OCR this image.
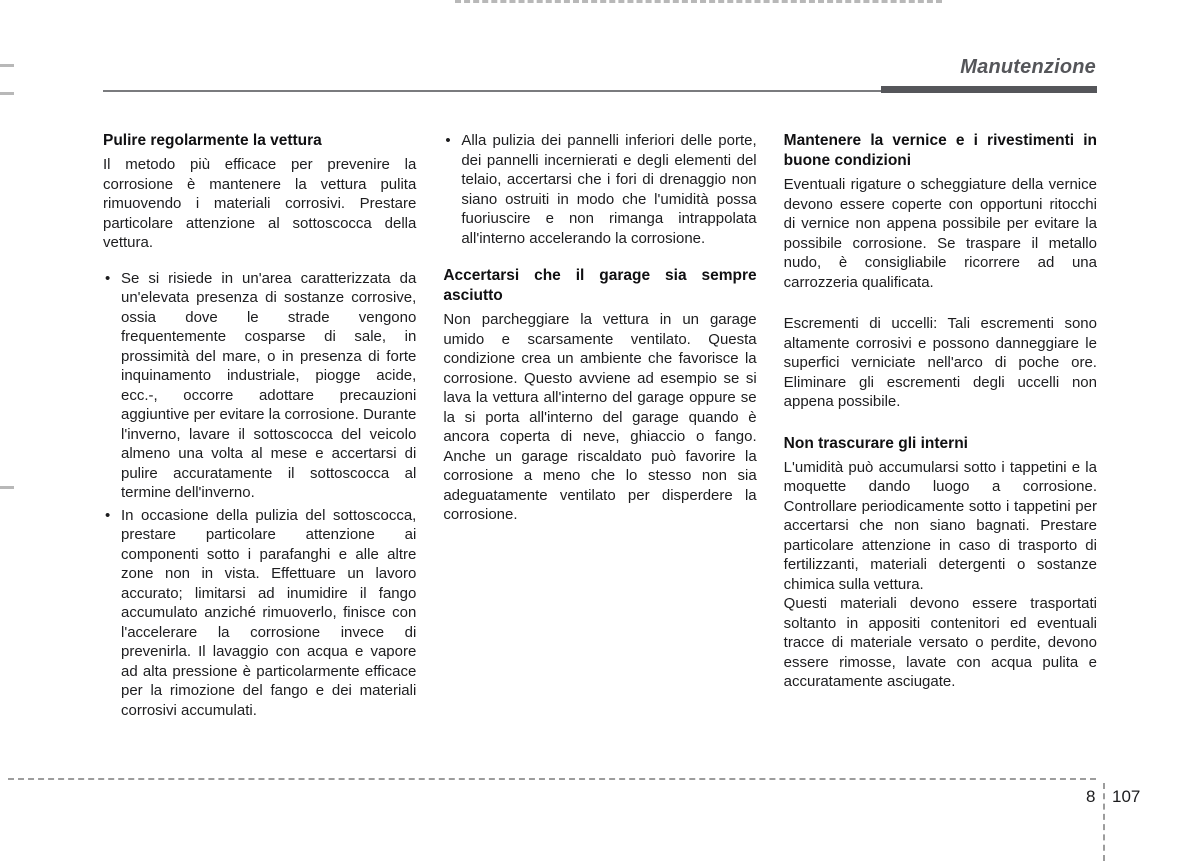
Manutenzione
Pulire regolarmente la vettura

Il metodo più efficace per prevenire la corrosione è mantenere la vettura pulita rimuovendo i materiali corrosivi. Prestare particolare attenzione al sottoscocca della vettura.

• Se si risiede in un'area caratterizzata da un'elevata presenza di sostanze corrosive, ossia dove le strade vengono frequentemente cosparse di sale, in prossimità del mare, o in presenza di forte inquinamento industriale, piogge acide, ecc.-, occorre adottare precauzioni aggiuntive per evitare la corrosione. Durante l'inverno, lavare il sottoscocca del veicolo almeno una volta al mese e accertarsi di pulire accuratamente il sottoscocca al termine dell'inverno.
• In occasione della pulizia del sottoscocca, prestare particolare attenzione ai componenti sotto i parafanghi e alle altre zone non in vista. Effettuare un lavoro accurato; limitarsi ad inumidire il fango accumulato anziché rimuoverlo, finisce con l'accelerare la corrosione invece di prevenirla. Il lavaggio con acqua e vapore ad alta pressione è particolarmente efficace per la rimozione del fango e dei materiali corrosivi accumulati.
• Alla pulizia dei pannelli inferiori delle porte, dei pannelli incernierati e degli elementi del telaio, accertarsi che i fori di drenaggio non siano ostruiti in modo che l'umidità possa fuoriuscire e non rimanga intrappolata all'interno accelerando la corrosione.
Accertarsi che il garage sia sempre asciutto

Non parcheggiare la vettura in un garage umido e scarsamente ventilato. Questa condizione crea un ambiente che favorisce la corrosione. Questo avviene ad esempio se si lava la vettura all'interno del garage oppure se la si porta all'interno del garage quando è ancora coperta di neve, ghiaccio o fango. Anche un garage riscaldato può favorire la corrosione a meno che lo stesso non sia adeguatamente ventilato per disperdere la corrosione.

Mantenere la vernice e i rivestimenti in buone condizioni

Eventuali rigature o scheggiature della vernice devono essere coperte con opportuni ritocchi di vernice non appena possibile per evitare la possibile corrosione. Se traspare il metallo nudo, è consigliabile ricorrere ad una carrozzeria qualificata.

Escrementi di uccelli: Tali escrementi sono altamente corrosivi e possono danneggiare le superfici verniciate nell'arco di poche ore. Eliminare gli escrementi degli uccelli non appena possibile.

Non trascurare gli interni

L'umidità può accumularsi sotto i tappetini e la moquette dando luogo a corrosione. Controllare periodicamente sotto i tappetini per accertarsi che non siano bagnati. Prestare particolare attenzione in caso di trasporto di fertilizzanti, materiali detergenti o sostanze chimica sulla vettura.

Questi materiali devono essere trasportati soltanto in appositi contenitori ed eventuali tracce di materiale versato o perdite, devono essere rimosse, lavate con acqua pulita e accuratamente asciugate.

8 107
